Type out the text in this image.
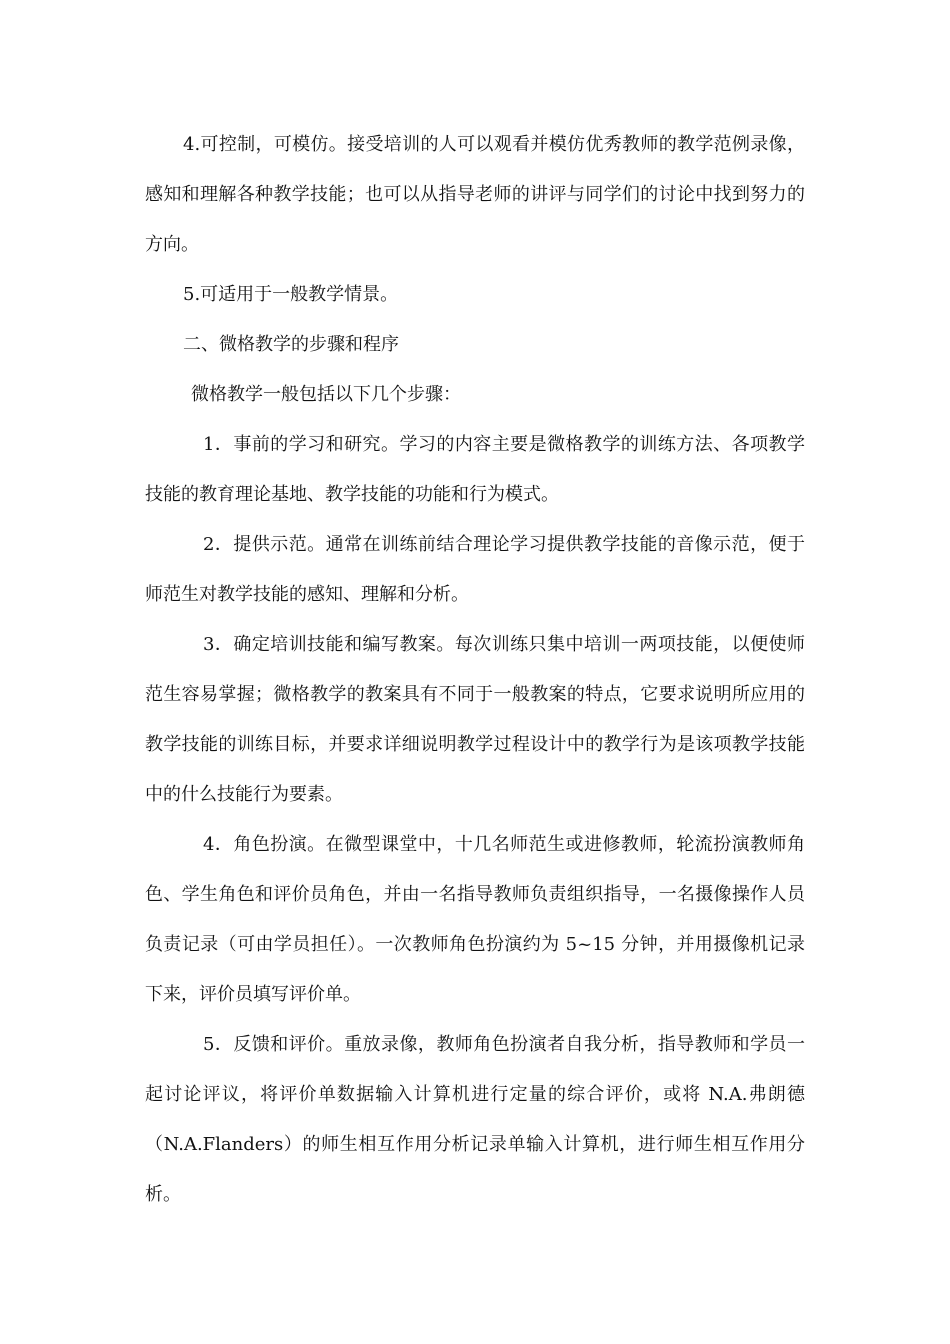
4.可控制，可模仿。接受培训的人可以观看并模仿优秀教师的教学范例录像，感知和理解各种教学技能；也可以从指导老师的讲评与同学们的讨论中找到努力的方向。

5.可适用于一般教学情景。

二、微格教学的步骤和程序

微格教学一般包括以下几个步骤：

1．事前的学习和研究。学习的内容主要是微格教学的训练方法、各项教学技能的教育理论基地、教学技能的功能和行为模式。

2．提供示范。通常在训练前结合理论学习提供教学技能的音像示范，便于师范生对教学技能的感知、理解和分析。

3．确定培训技能和编写教案。每次训练只集中培训一两项技能，以便使师范生容易掌握；微格教学的教案具有不同于一般教案的特点，它要求说明所应用的教学技能的训练目标，并要求详细说明教学过程设计中的教学行为是该项教学技能中的什么技能行为要素。

4．角色扮演。在微型课堂中，十几名师范生或进修教师，轮流扮演教师角色、学生角色和评价员角色，并由一名指导教师负责组织指导，一名摄像操作人员负责记录（可由学员担任）。一次教师角色扮演约为 5~15 分钟，并用摄像机记录下来，评价员填写评价单。

5．反馈和评价。重放录像，教师角色扮演者自我分析，指导教师和学员一起讨论评议，将评价单数据输入计算机进行定量的综合评价，或将 N.A.弗朗德（N.A.Flanders）的师生相互作用分析记录单输入计算机，进行师生相互作用分析。
